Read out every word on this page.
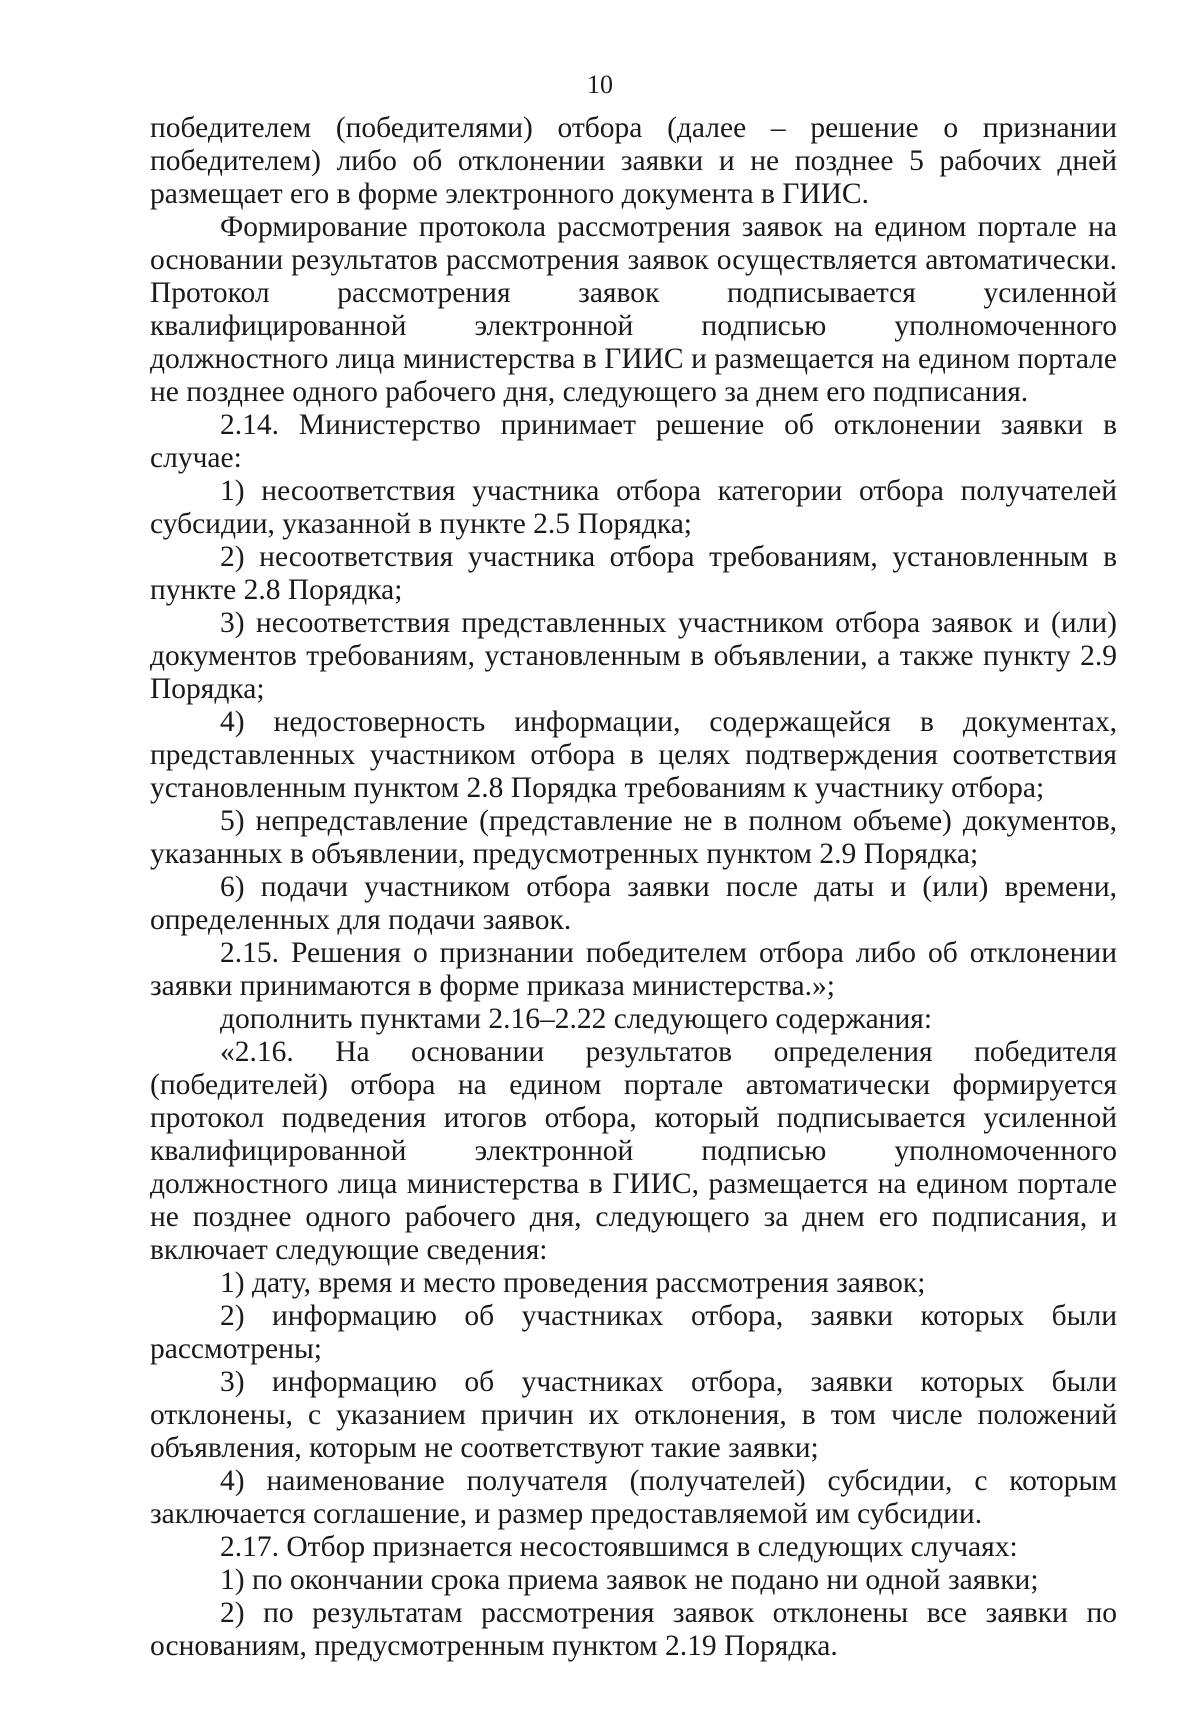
10

победителем (победителями) отбора (далее – решение о признании победителем) либо об отклонении заявки и не позднее 5 рабочих дней размещает его в форме электронного документа в ГИИС.

Формирование протокола рассмотрения заявок на едином портале на основании результатов рассмотрения заявок осуществляется автоматически. Протокол рассмотрения заявок подписывается усиленной квалифицированной электронной подписью уполномоченного должностного лица министерства в ГИИС и размещается на едином портале не позднее одного рабочего дня, следующего за днем его подписания.

2.14. Министерство принимает решение об отклонении заявки в случае:

1) несоответствия участника отбора категории отбора получателей субсидии, указанной в пункте 2.5 Порядка;

2) несоответствия участника отбора требованиям, установленным в пункте 2.8 Порядка;

3) несоответствия представленных участником отбора заявок и (или) документов требованиям, установленным в объявлении, а также пункту 2.9 Порядка;

4) недостоверность информации, содержащейся в документах, представленных участником отбора в целях подтверждения соответствия установленным пунктом 2.8 Порядка требованиям к участнику отбора;

5) непредставление (представление не в полном объеме) документов, указанных в объявлении, предусмотренных пунктом 2.9 Порядка;

6) подачи участником отбора заявки после даты и (или) времени, определенных для подачи заявок.

2.15. Решения о признании победителем отбора либо об отклонении заявки принимаются в форме приказа министерства.»;

дополнить пунктами 2.16–2.22 следующего содержания:

«2.16. На основании результатов определения победителя (победителей) отбора на едином портале автоматически формируется протокол подведения итогов отбора, который подписывается усиленной квалифицированной электронной подписью уполномоченного должностного лица министерства в ГИИС, размещается на едином портале не позднее одного рабочего дня, следующего за днем его подписания, и включает следующие сведения:

1) дату, время и место проведения рассмотрения заявок;

2) информацию об участниках отбора, заявки которых были рассмотрены;

3) информацию об участниках отбора, заявки которых были отклонены, с указанием причин их отклонения, в том числе положений объявления, которым не соответствуют такие заявки;

4) наименование получателя (получателей) субсидии, с которым заключается соглашение, и размер предоставляемой им субсидии.

2.17. Отбор признается несостоявшимся в следующих случаях:

1) по окончании срока приема заявок не подано ни одной заявки;

2) по результатам рассмотрения заявок отклонены все заявки по основаниям, предусмотренным пунктом 2.19 Порядка.
